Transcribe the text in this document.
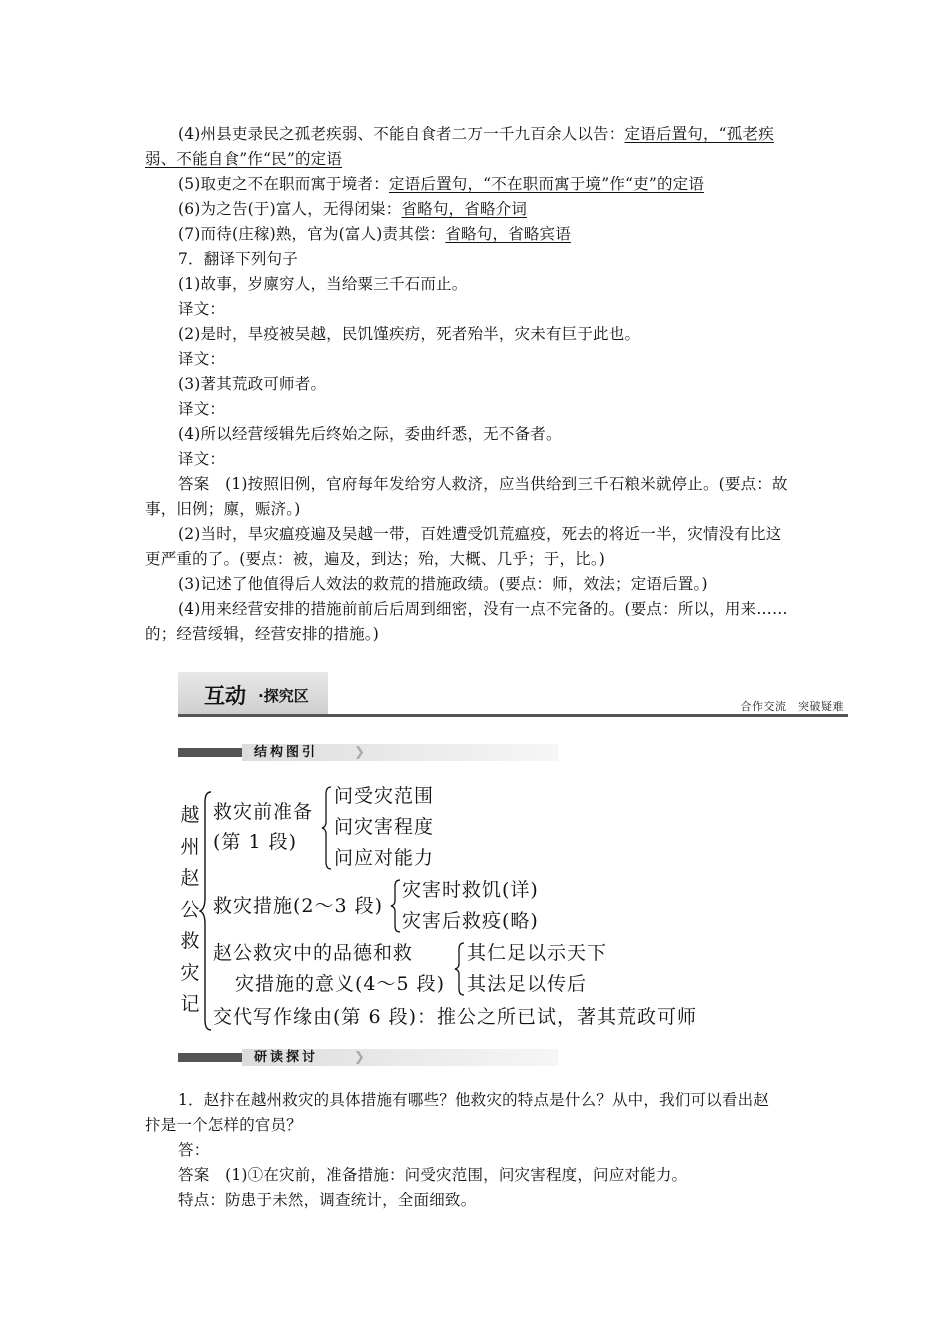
(4)州县吏录民之孤老疾弱、不能自食者二万一千九百余人以告：定语后置句，“孤老疾
弱、不能自食”作“民”的定语
(5)取吏之不在职而寓于境者：定语后置句，“不在职而寓于境”作“吏”的定语
(6)为之告(于)富人，无得闭粜：省略句，省略介词
(7)而待(庄稼)熟，官为(富人)责其偿：省略句，省略宾语
7．翻译下列句子
(1)故事，岁廪穷人，当给粟三千石而止。
译文：
(2)是时，旱疫被吴越，民饥馑疾疠，死者殆半，灾未有巨于此也。
译文：
(3)著其荒政可师者。
译文：
(4)所以经营绥辑先后终始之际，委曲纤悉，无不备者。
译文：
答案　(1)按照旧例，官府每年发给穷人救济，应当供给到三千石粮米就停止。(要点：故
事，旧例；廪，赈济。)
(2)当时，旱灾瘟疫遍及吴越一带，百姓遭受饥荒瘟疫，死去的将近一半，灾情没有比这
更严重的了。(要点：被，遍及，到达；殆，大概、几乎；于，比。)
(3)记述了他值得后人效法的救荒的措施政绩。(要点：师，效法；定语后置。)
(4)用来经营安排的措施前前后后周到细密，没有一点不完备的。(要点：所以，用来……
的；经营绥辑，经营安排的措施。)
互动 ·探究区
合作交流　突破疑难
结构图引	❯
越
州
赵
公
救
灾
记
救灾前准备
(第 1 段)
问受灾范围
问灾害程度
问应对能力
救灾措施(2～3 段)
灾害时救饥(详)
灾害后救疫(略)
赵公救灾中的品德和救
灾措施的意义(4～5 段)
其仁足以示天下
其法足以传后
交代写作缘由(第 6 段)：推公之所已试，著其荒政可师
研读探讨	❯
1．赵抃在越州救灾的具体措施有哪些？他救灾的特点是什么？从中，我们可以看出赵
抃是一个怎样的官员？
答：
答案　(1)①在灾前，准备措施：问受灾范围，问灾害程度，问应对能力。
特点：防患于未然，调查统计，全面细致。
